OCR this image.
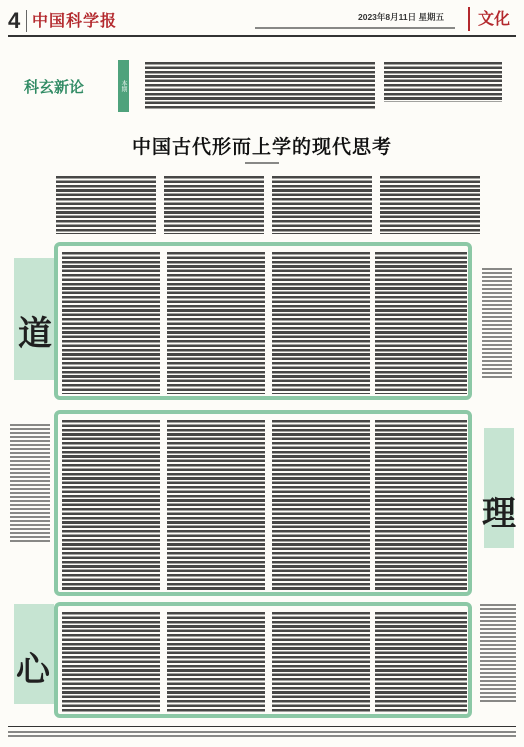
4 中国科学报	2023年8月11日 星期五	文化
科玄新论	本期
中国古代形而上学的现代思考
道
理
心
